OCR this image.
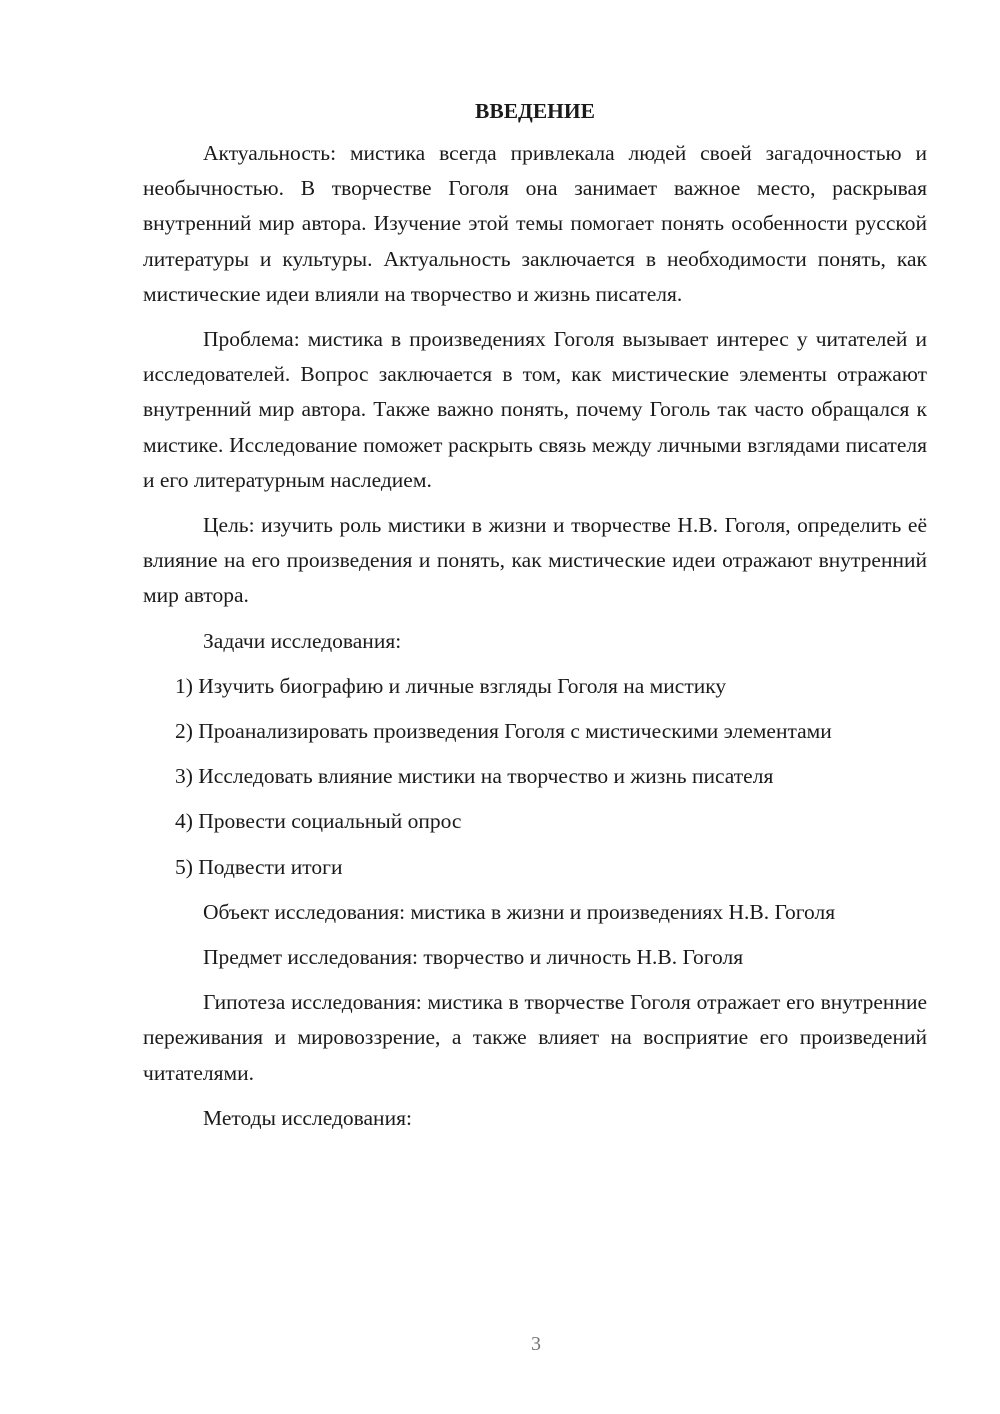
ВВЕДЕНИЕ

Актуальность: мистика всегда привлекала людей своей загадочностью и необычностью. В творчестве Гоголя она занимает важное место, раскрывая внутренний мир автора. Изучение этой темы помогает понять особенности русской литературы и культуры. Актуальность заключается в необходимости понять, как мистические идеи влияли на творчество и жизнь писателя.

Проблема: мистика в произведениях Гоголя вызывает интерес у читателей и исследователей. Вопрос заключается в том, как мистические элементы отражают внутренний мир автора. Также важно понять, почему Гоголь так часто обращался к мистике. Исследование поможет раскрыть связь между личными взглядами писателя и его литературным наследием.

Цель: изучить роль мистики в жизни и творчестве Н.В. Гоголя, определить её влияние на его произведения и понять, как мистические идеи отражают внутренний мир автора.

Задачи исследования:

1) Изучить биографию и личные взгляды Гоголя на мистику

2) Проанализировать произведения Гоголя с мистическими элементами

3) Исследовать влияние мистики на творчество и жизнь писателя

4) Провести социальный опрос

5) Подвести итоги

Объект исследования: мистика в жизни и произведениях Н.В. Гоголя

Предмет исследования: творчество и личность Н.В. Гоголя

Гипотеза исследования: мистика в творчестве Гоголя отражает его внутренние переживания и мировоззрение, а также влияет на восприятие его произведений читателями.

Методы исследования:

3
